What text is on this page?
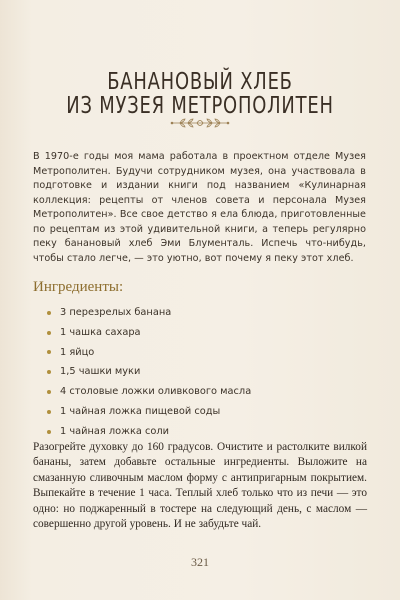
БАНАНОВЫЙ ХЛЕБ
ИЗ МУЗЕЯ МЕТРОПОЛИТЕН

В 1970-е годы моя мама работала в проектном отделе Музея Метрополитен. Будучи сотрудником музея, она участвовала в подготовке и издании книги под названием «Кулинарная коллекция: рецепты от членов совета и персонала Музея Метрополитен». Все свое детство я ела блюда, приготовленные по рецептам из этой удивительной книги, а теперь регулярно пеку банановый хлеб Эми Блументаль. Испечь что-нибудь, чтобы стало легче, — это уютно, вот почему я пеку этот хлеб.

Ингредиенты:
3 перезрелых банана
1 чашка сахара
1 яйцо
1,5 чашки муки
4 столовые ложки оливкового масла
1 чайная ложка пищевой соды
1 чайная ложка соли

Разогрейте духовку до 160 градусов. Очистите и растолките вилкой бананы, затем добавьте остальные ингредиенты. Выложите на смазанную сливочным маслом форму с антипригарным покрытием. Выпекайте в течение 1 часа. Теплый хлеб только что из печи — это одно: но поджаренный в тостере на следующий день, с маслом — совершенно другой уровень. И не забудьте чай.

321
